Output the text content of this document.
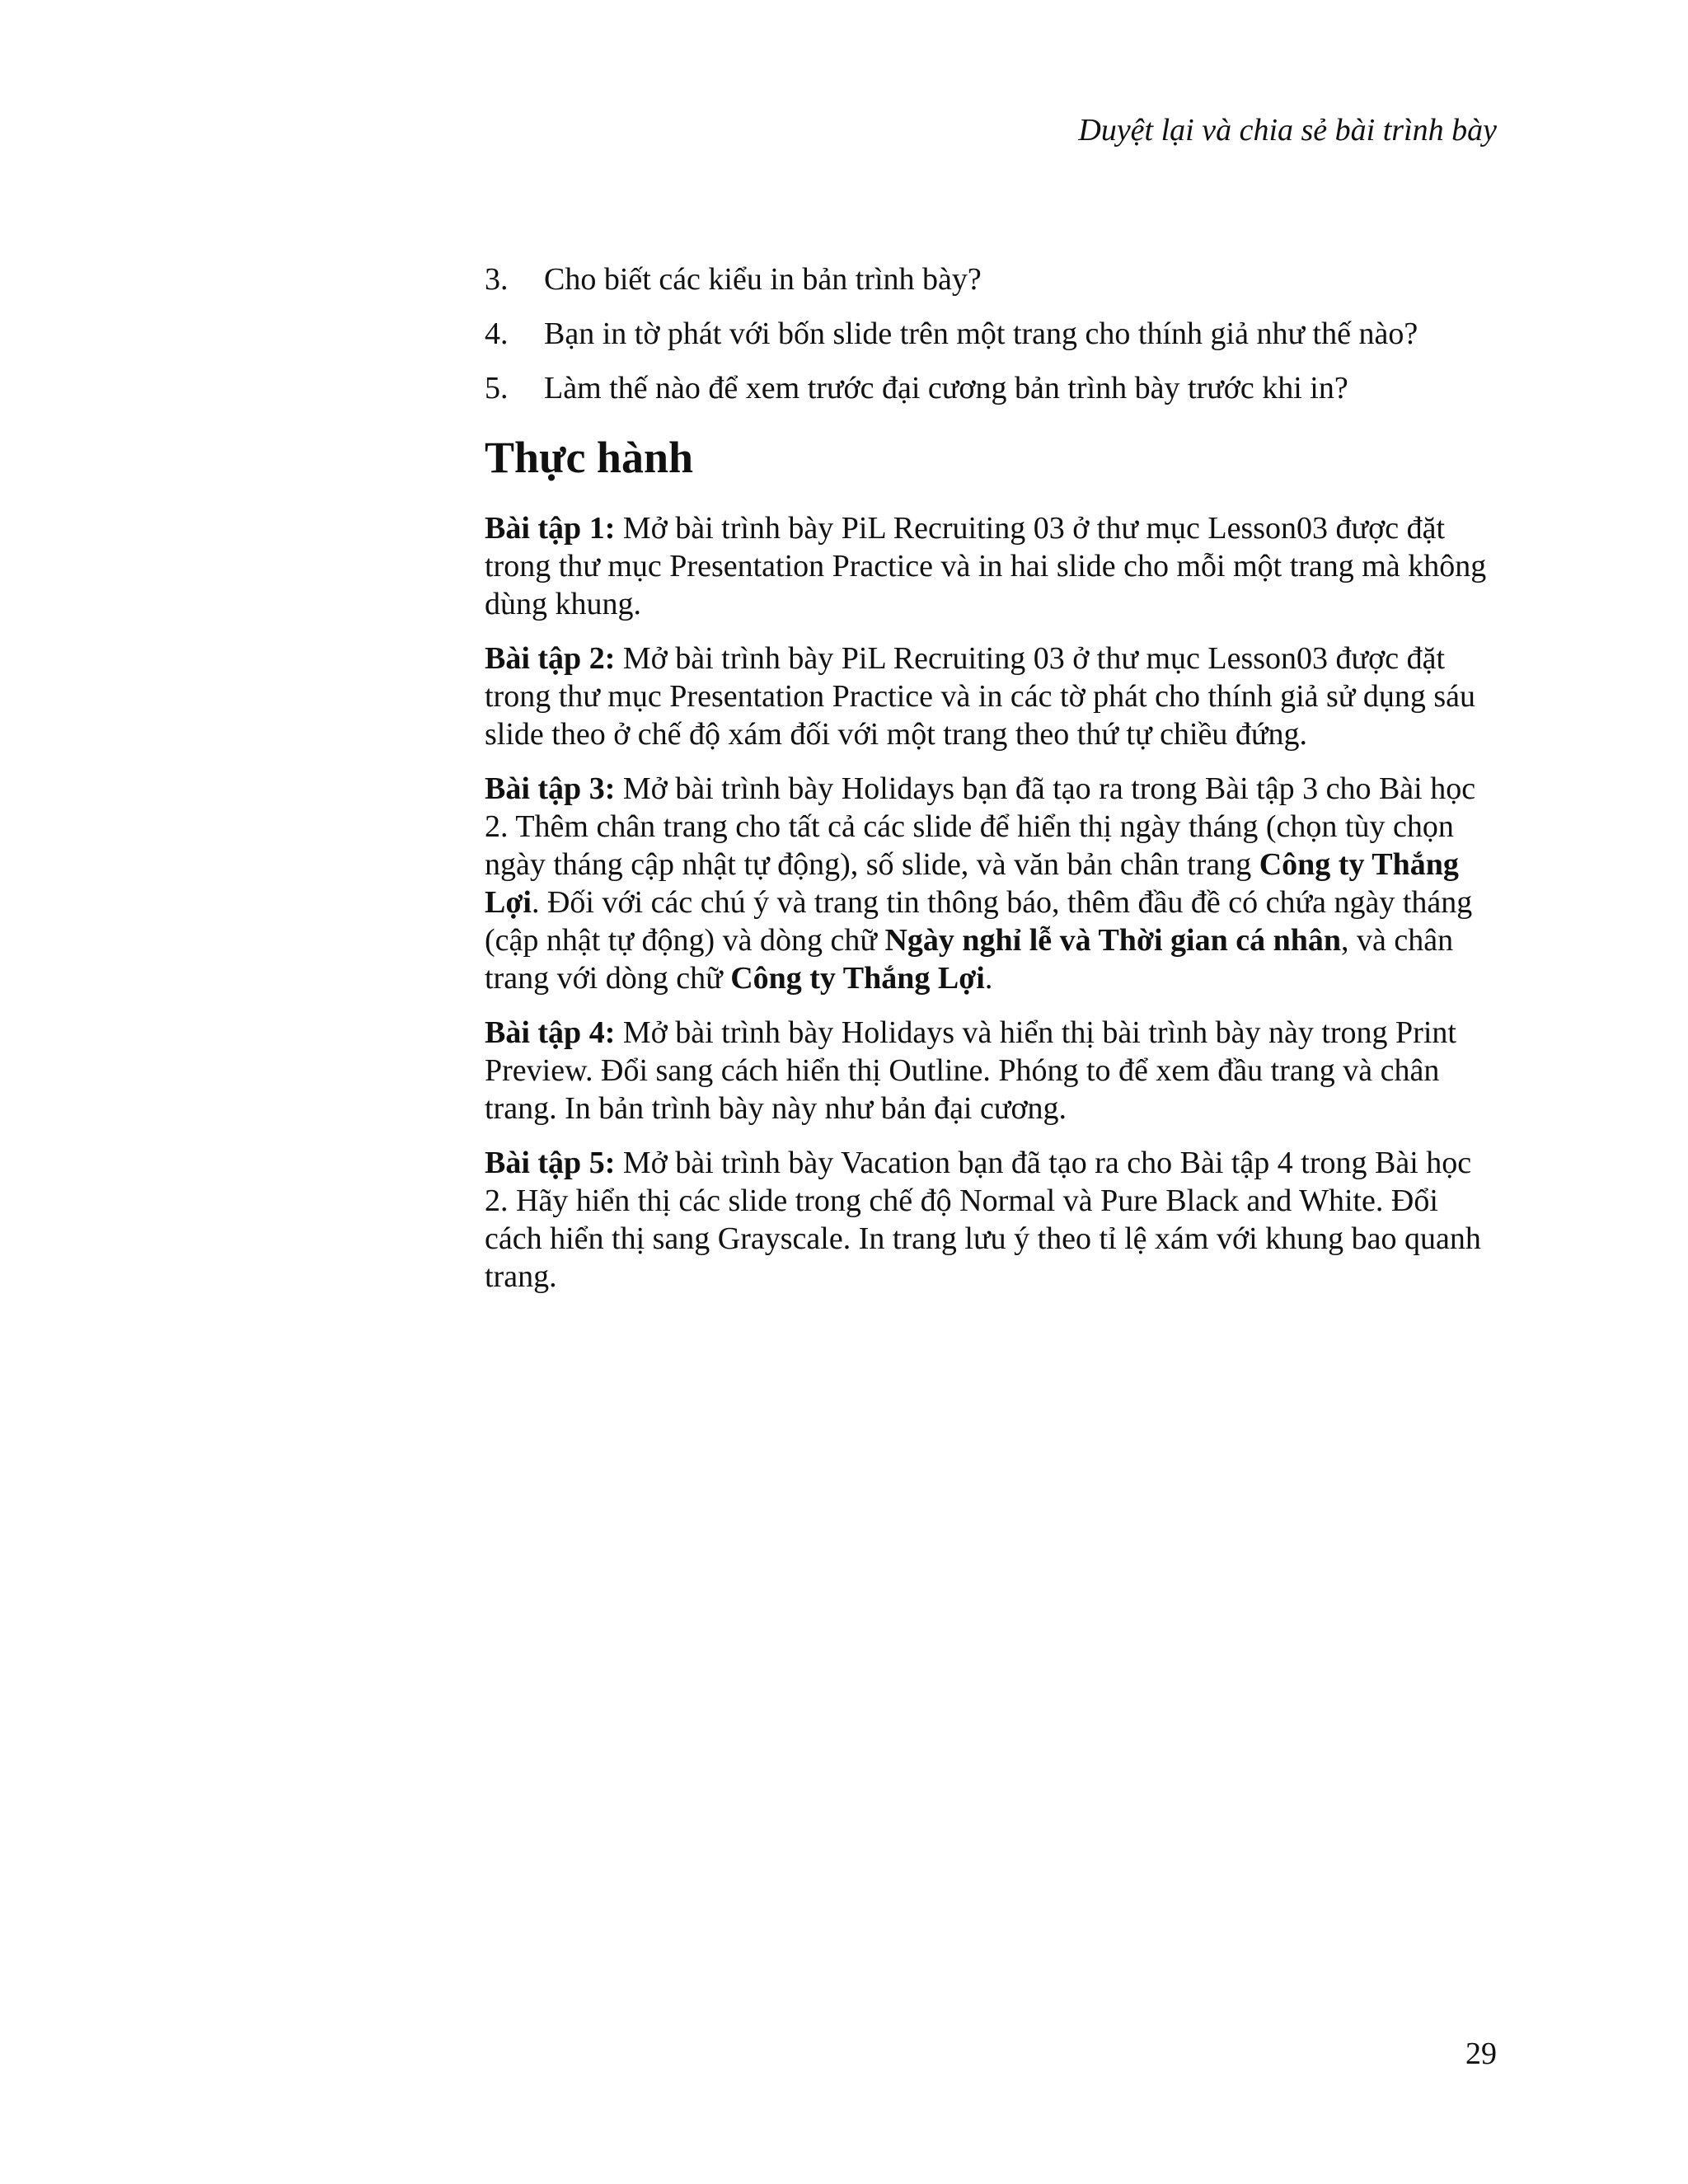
Duyệt lại và chia sẻ bài trình bày
3. Cho biết các kiểu in bản trình bày?
4. Bạn in tờ phát với bốn slide trên một trang cho thính giả như thế nào?
5. Làm thế nào để xem trước đại cương bản trình bày trước khi in?
Thực hành

Bài tập 1: Mở bài trình bày PiL Recruiting 03 ở thư mục Lesson03 được đặt trong thư mục Presentation Practice và in hai slide cho mỗi một trang mà không dùng khung.

Bài tập 2: Mở bài trình bày PiL Recruiting 03 ở thư mục Lesson03 được đặt trong thư mục Presentation Practice và in các tờ phát cho thính giả sử dụng sáu slide theo ở chế độ xám đối với một trang theo thứ tự chiều đứng.

Bài tập 3: Mở bài trình bày Holidays bạn đã tạo ra trong Bài tập 3 cho Bài học 2. Thêm chân trang cho tất cả các slide để hiển thị ngày tháng (chọn tùy chọn ngày tháng cập nhật tự động), số slide, và văn bản chân trang Công ty Thắng Lợi. Đối với các chú ý và trang tin thông báo, thêm đầu đề có chứa ngày tháng (cập nhật tự động) và dòng chữ Ngày nghỉ lễ và Thời gian cá nhân, và chân trang với dòng chữ Công ty Thắng Lợi.

Bài tập 4: Mở bài trình bày Holidays và hiển thị bài trình bày này trong Print Preview. Đổi sang cách hiển thị Outline. Phóng to để xem đầu trang và chân trang. In bản trình bày này như bản đại cương.

Bài tập 5: Mở bài trình bày Vacation bạn đã tạo ra cho Bài tập 4 trong Bài học 2. Hãy hiển thị các slide trong chế độ Normal và Pure Black and White. Đổi cách hiển thị sang Grayscale. In trang lưu ý theo tỉ lệ xám với khung bao quanh trang.

29
